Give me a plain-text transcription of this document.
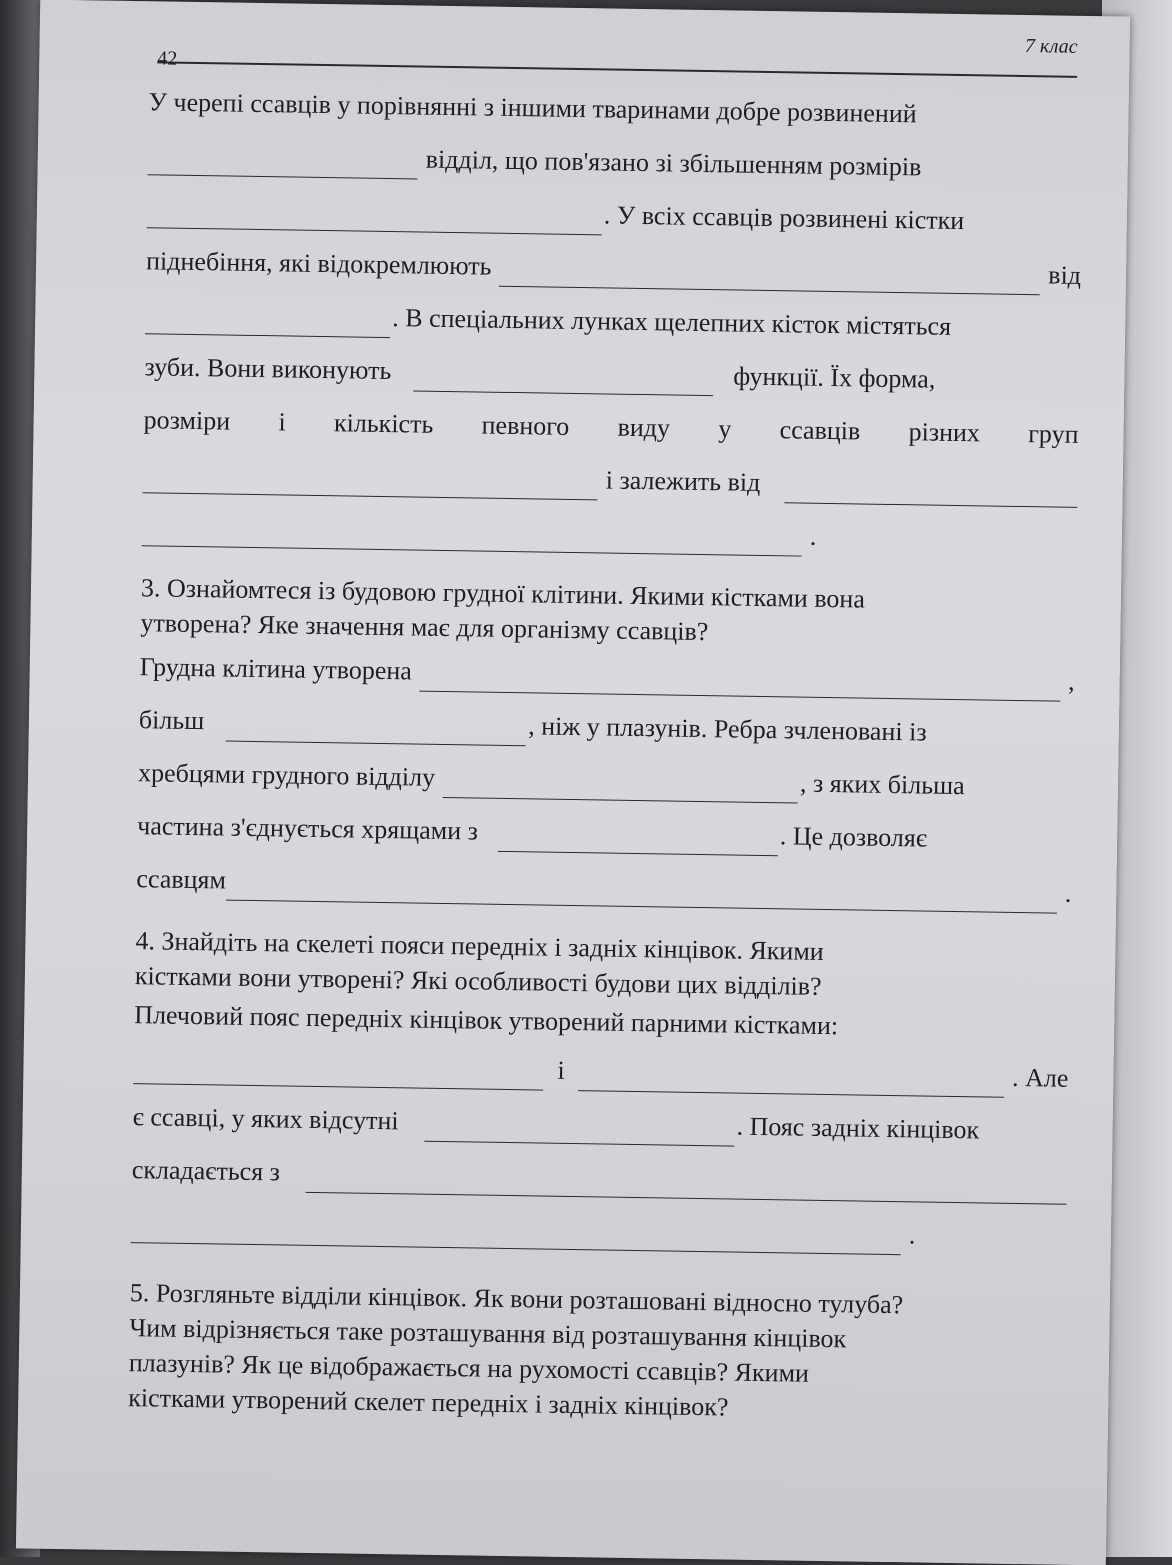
7 клас
42
У черепі ссавців у порівнянні з іншими тваринами добре розвинений
відділ, що пов'язано зі збільшенням розмірів
. У всіх ссавців розвинені кістки
піднебіння, які відокремлюють	від
. В спеціальних лунках щелепних кісток містяться
зуби. Вони виконують	функції. Їх форма,
розміри і кількість певного виду у ссавців різних груп
і залежить від
.
3. Ознайомтеся із будовою грудної клітини. Якими кістками вона
утворена? Яке значення має для організму ссавців?
Грудна клітина утворена	,
більш	, ніж у плазунів. Ребра зчленовані із
хребцями грудного відділу	, з яких більша
частина з'єднується хрящами з	. Це дозволяє
ссавцям	.
4. Знайдіть на скелеті пояси передніх і задніх кінцівок. Якими
кістками вони утворені? Які особливості будови цих відділів?
Плечовий пояс передніх кінцівок утворений парними кістками:
і	. Але
є ссавці, у яких відсутні	. Пояс задніх кінцівок
складається з
.
5. Розгляньте відділи кінцівок. Як вони розташовані відносно тулуба?
Чим відрізняється таке розташування від розташування кінцівок
плазунів? Як це відображається на рухомості ссавців? Якими
кістками утворений скелет передніх і задніх кінцівок?
